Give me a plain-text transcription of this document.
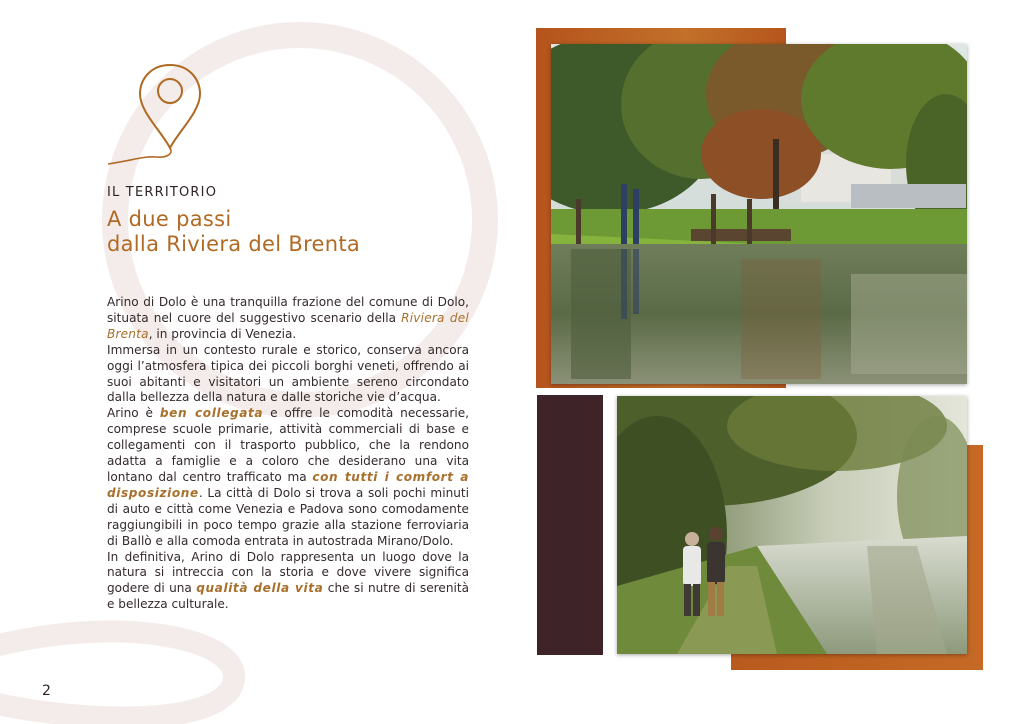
IL TERRITORIO
A due passi
dalla Riviera del Brenta

Arino di Dolo è una tranquilla frazione del comune di Dolo, situata nel cuore del suggestivo scenario della Riviera del Brenta, in provincia di Venezia.

Immersa in un contesto rurale e storico, conserva ancora oggi l’atmosfera tipica dei piccoli borghi veneti, offrendo ai suoi abitanti e visitatori un ambiente sereno circondato dalla bellezza della natura e dalle storiche vie d’acqua.

Arino è ben collegata e offre le comodità necessarie, comprese scuole primarie, attività commerciali di base e collegamenti con il trasporto pubblico, che la rendono adatta a famiglie e a coloro che desiderano una vita lontano dal centro trafficato ma con tutti i comfort a disposizione. La città di Dolo si trova a soli pochi minuti di auto e città come Venezia e Padova sono comodamente raggiungibili in poco tempo grazie alla stazione ferroviaria di Ballò e alla comoda entrata in autostrada Mirano/Dolo.

In definitiva, Arino di Dolo rappresenta un luogo dove la natura si intreccia con la storia e dove vivere significa godere di una qualità della vita che si nutre di serenità e bellezza culturale.

2
